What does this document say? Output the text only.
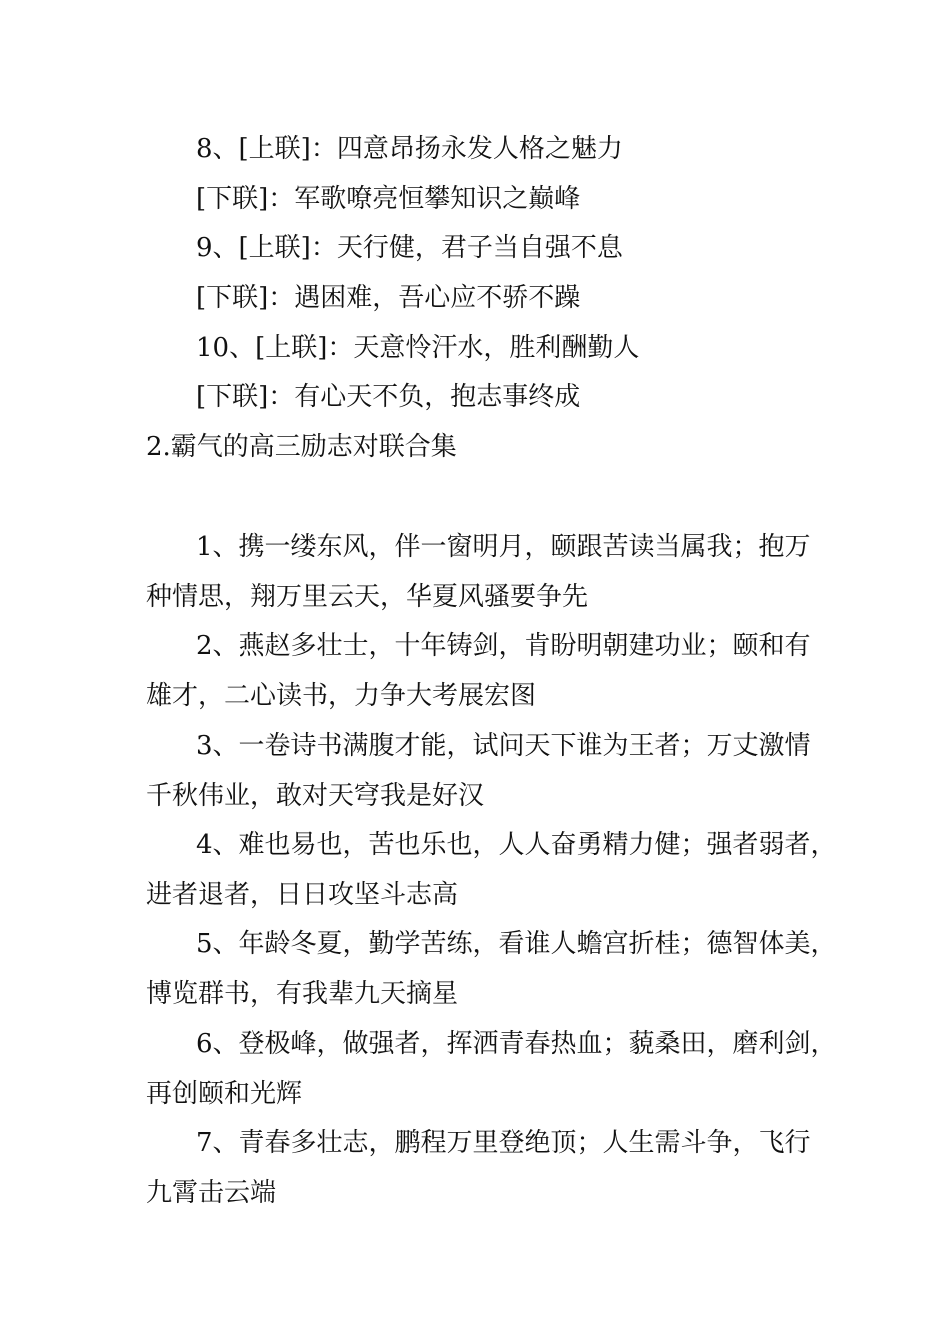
8、[上联]：四意昂扬永发人格之魅力
[下联]：军歌嘹亮恒攀知识之巅峰
9、[上联]：天行健，君子当自强不息
[下联]：遇困难，吾心应不骄不躁
10、[上联]：天意怜汗水，胜利酬勤人
[下联]：有心天不负，抱志事终成
2.霸气的高三励志对联合集
1、携一缕东风，伴一窗明月，颐跟苦读当属我；抱万
种情思，翔万里云天，华夏风骚要争先
2、燕赵多壮士，十年铸剑，肯盼明朝建功业；颐和有
雄才，二心读书，力争大考展宏图
3、一卷诗书满腹才能，试问天下谁为王者；万丈激情
千秋伟业，敢对天穹我是好汉
4、难也易也，苦也乐也，人人奋勇精力健；强者弱者，
进者退者，日日攻坚斗志高
5、年龄冬夏，勤学苦练，看谁人蟾宫折桂；德智体美，
博览群书，有我辈九天摘星
6、登极峰，做强者，挥洒青春热血；藐桑田，磨利剑，
再创颐和光辉
7、青春多壮志，鹏程万里登绝顶；人生需斗争，飞行
九霄击云端
